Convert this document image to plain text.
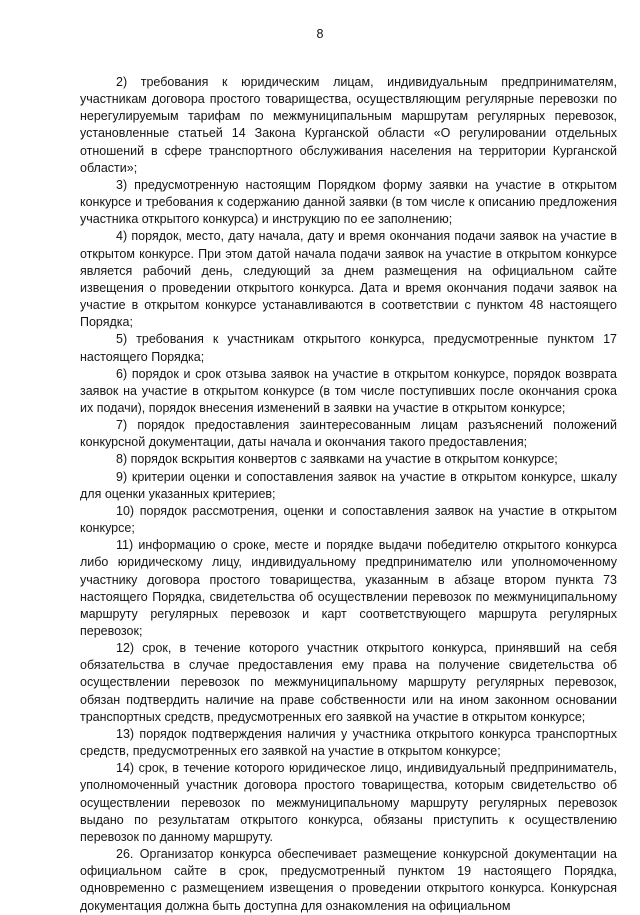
8

2) требования к юридическим лицам, индивидуальным предпринимателям, участникам договора простого товарищества, осуществляющим регулярные перевозки по нерегулируемым тарифам по межмуниципальным маршрутам регулярных перевозок, установленные статьей 14 Закона Курганской области «О регулировании отдельных отношений в сфере транспортного обслуживания населения на территории Курганской области»;

3) предусмотренную настоящим Порядком форму заявки на участие в открытом конкурсе и требования к содержанию данной заявки (в том числе к описанию предложения участника открытого конкурса) и инструкцию по ее заполнению;

4) порядок, место, дату начала, дату и время окончания подачи заявок на участие в открытом конкурсе. При этом датой начала подачи заявок на участие в открытом конкурсе является рабочий день, следующий за днем размещения на официальном сайте извещения о проведении открытого конкурса. Дата и время окончания подачи заявок на участие в открытом конкурсе устанавливаются в соответствии с пунктом 48 настоящего Порядка;

5) требования к участникам открытого конкурса, предусмотренные пунктом 17 настоящего Порядка;

6) порядок и срок отзыва заявок на участие в открытом конкурсе, порядок возврата заявок на участие в открытом конкурсе (в том числе поступивших после окончания срока их подачи), порядок внесения изменений в заявки на участие в открытом конкурсе;

7) порядок предоставления заинтересованным лицам разъяснений положений конкурсной документации, даты начала и окончания такого предоставления;

8) порядок вскрытия конвертов с заявками на участие в открытом конкурсе;

9) критерии оценки и сопоставления заявок на участие в открытом конкурсе, шкалу для оценки указанных критериев;

10) порядок рассмотрения, оценки и сопоставления заявок на участие в открытом конкурсе;

11) информацию о сроке, месте и порядке выдачи победителю открытого конкурса либо юридическому лицу, индивидуальному предпринимателю или уполномоченному участнику договора простого товарищества, указанным в абзаце втором пункта 73 настоящего Порядка, свидетельства об осуществлении перевозок по межмуниципальному маршруту регулярных перевозок и карт соответствующего маршрута регулярных перевозок;

12) срок, в течение которого участник открытого конкурса, принявший на себя обязательства в случае предоставления ему права на получение свидетельства об осуществлении перевозок по межмуниципальному маршруту регулярных перевозок, обязан подтвердить наличие на праве собственности или на ином законном основании транспортных средств, предусмотренных его заявкой на участие в открытом конкурсе;

13) порядок подтверждения наличия у участника открытого конкурса транспортных средств, предусмотренных его заявкой на участие в открытом конкурсе;

14) срок, в течение которого юридическое лицо, индивидуальный предприниматель, уполномоченный участник договора простого товарищества, которым свидетельство об осуществлении перевозок по межмуниципальному маршруту регулярных перевозок выдано по результатам открытого конкурса, обязаны приступить к осуществлению перевозок по данному маршруту.

26. Организатор конкурса обеспечивает размещение конкурсной документации на официальном сайте в срок, предусмотренный пунктом 19 настоящего Порядка, одновременно с размещением извещения о проведении открытого конкурса. Конкурсная документация должна быть доступна для ознакомления на официальном
